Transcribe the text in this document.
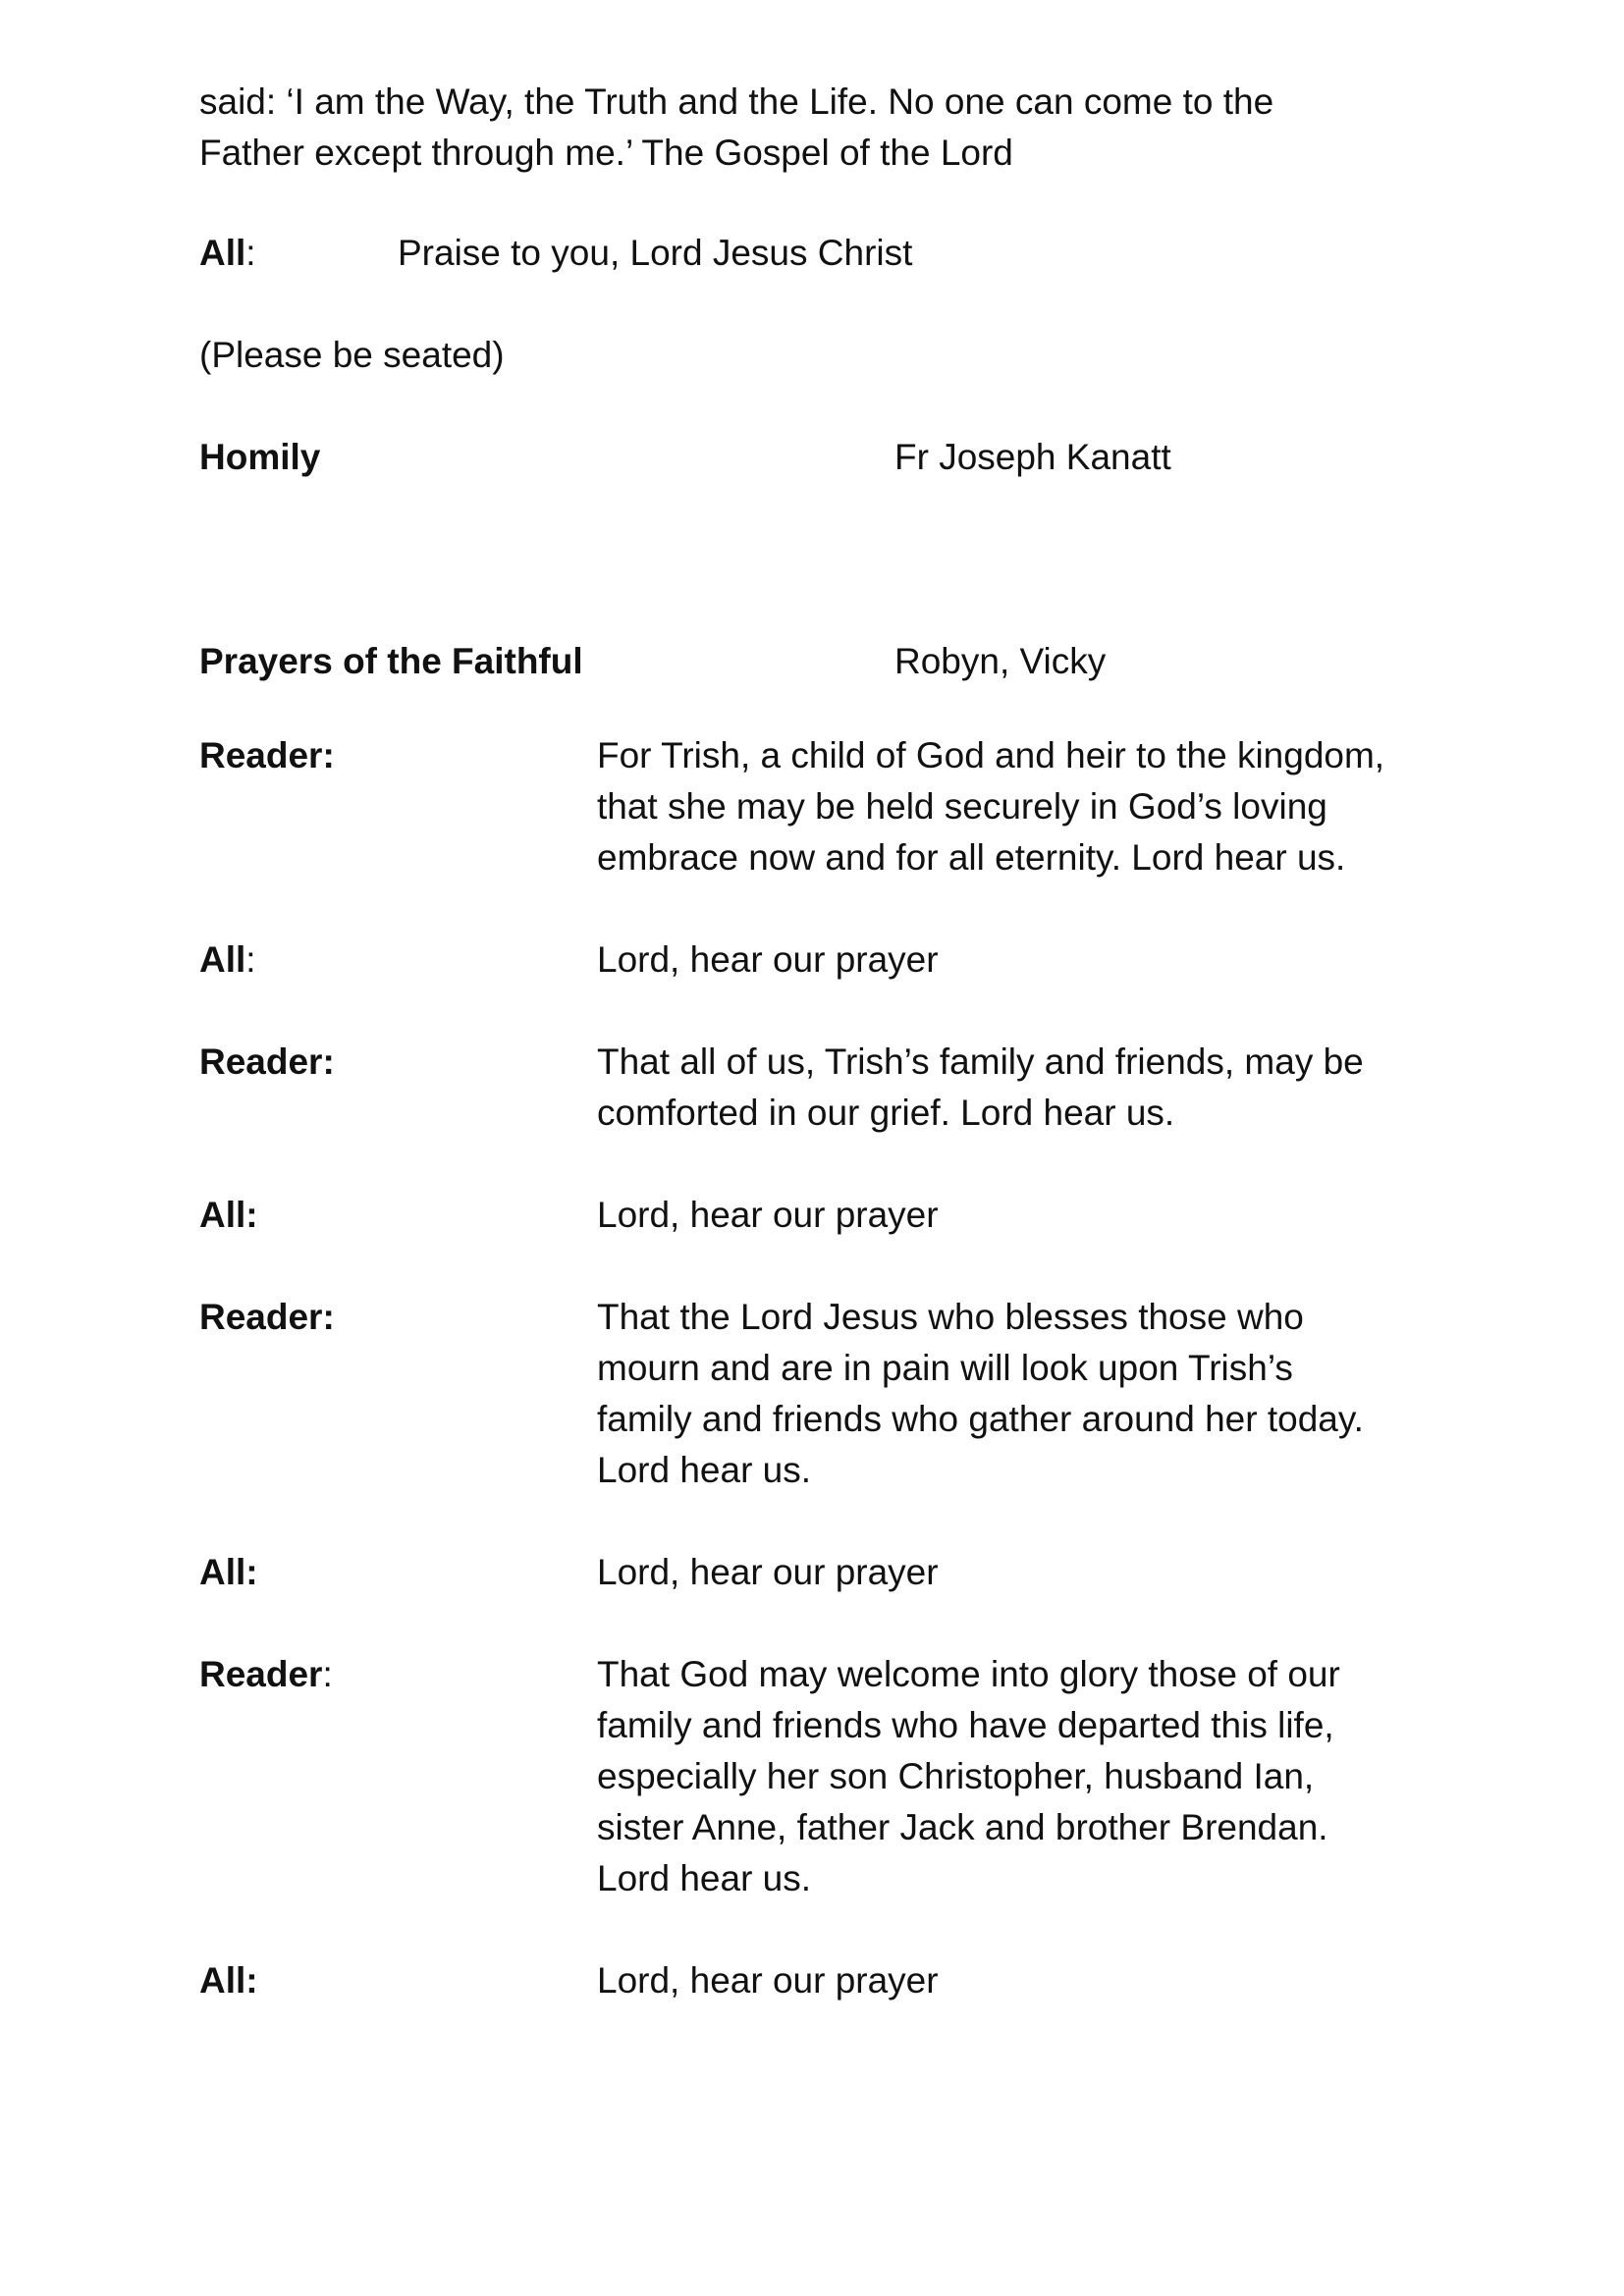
said: ‘I am the Way, the Truth and the Life. No one can come to the
Father except through me.’ The Gospel of the Lord
All:	Praise to you, Lord Jesus Christ
(Please be seated)
Homily	Fr Joseph Kanatt
Prayers of the Faithful	Robyn, Vicky
Reader:	For Trish, a child of God and heir to the kingdom,
that she may be held securely in God’s loving
embrace now and for all eternity. Lord hear us.
All:	Lord, hear our prayer
Reader:	That all of us, Trish’s family and friends, may be
comforted in our grief. Lord hear us.
All:	Lord, hear our prayer
Reader:	That the Lord Jesus who blesses those who
mourn and are in pain will look upon Trish’s
family and friends who gather around her today.
Lord hear us.
All:	Lord, hear our prayer
Reader:	That God may welcome into glory those of our
family and friends who have departed this life,
especially her son Christopher, husband Ian,
sister Anne, father Jack and brother Brendan.
Lord hear us.
All:	Lord, hear our prayer
